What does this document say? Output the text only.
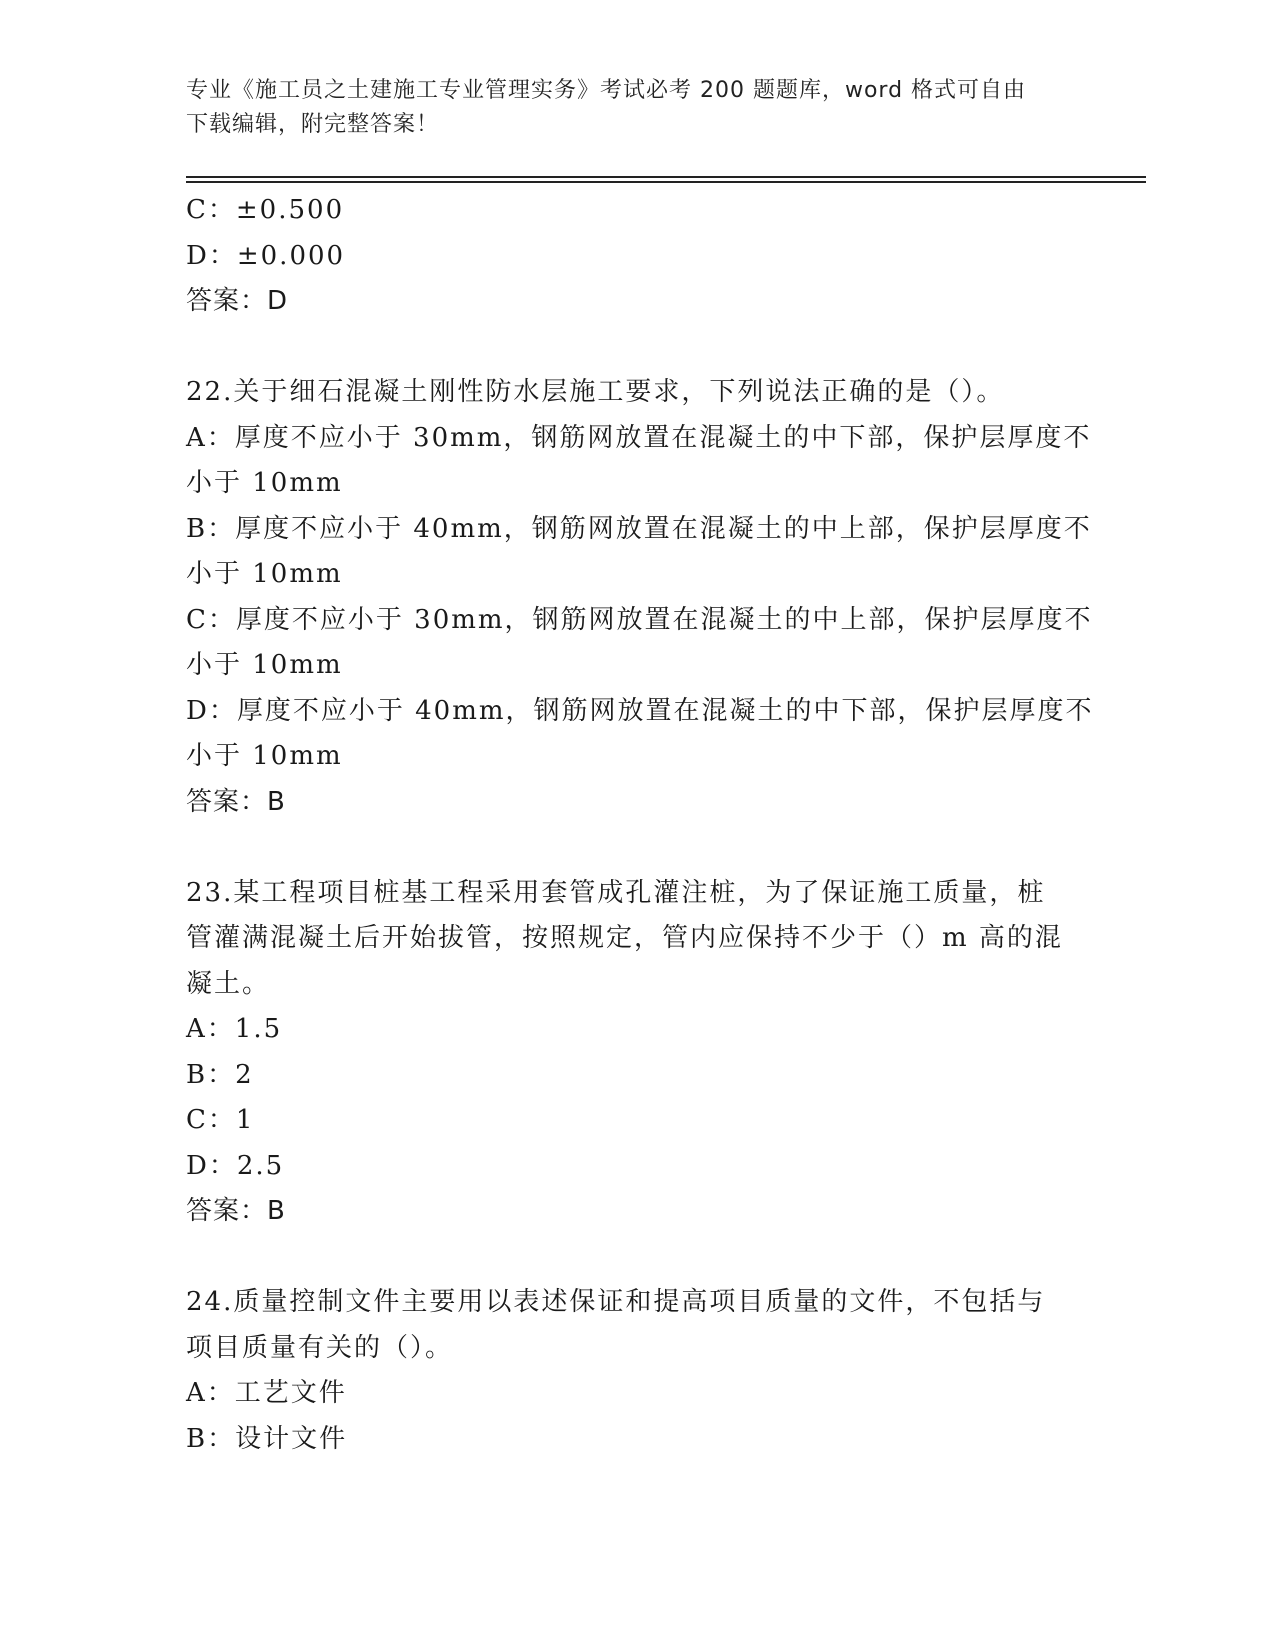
专业《施工员之土建施工专业管理实务》考试必考 200 题题库，word 格式可自由
下载编辑，附完整答案！
C：±0.500
D：±0.000
答案：D
22.关于细石混凝土刚性防水层施工要求，下列说法正确的是（）。
A：厚度不应小于 30mm，钢筋网放置在混凝土的中下部，保护层厚度不
小于 10mm
B：厚度不应小于 40mm，钢筋网放置在混凝土的中上部，保护层厚度不
小于 10mm
C：厚度不应小于 30mm，钢筋网放置在混凝土的中上部，保护层厚度不
小于 10mm
D：厚度不应小于 40mm，钢筋网放置在混凝土的中下部，保护层厚度不
小于 10mm
答案：B
23.某工程项目桩基工程采用套管成孔灌注桩，为了保证施工质量，桩
管灌满混凝土后开始拔管，按照规定，管内应保持不少于（）m 高的混
凝土。
A：1.5
B：2
C：1
D：2.5
答案：B
24.质量控制文件主要用以表述保证和提高项目质量的文件，不包括与
项目质量有关的（）。
A：工艺文件
B：设计文件
